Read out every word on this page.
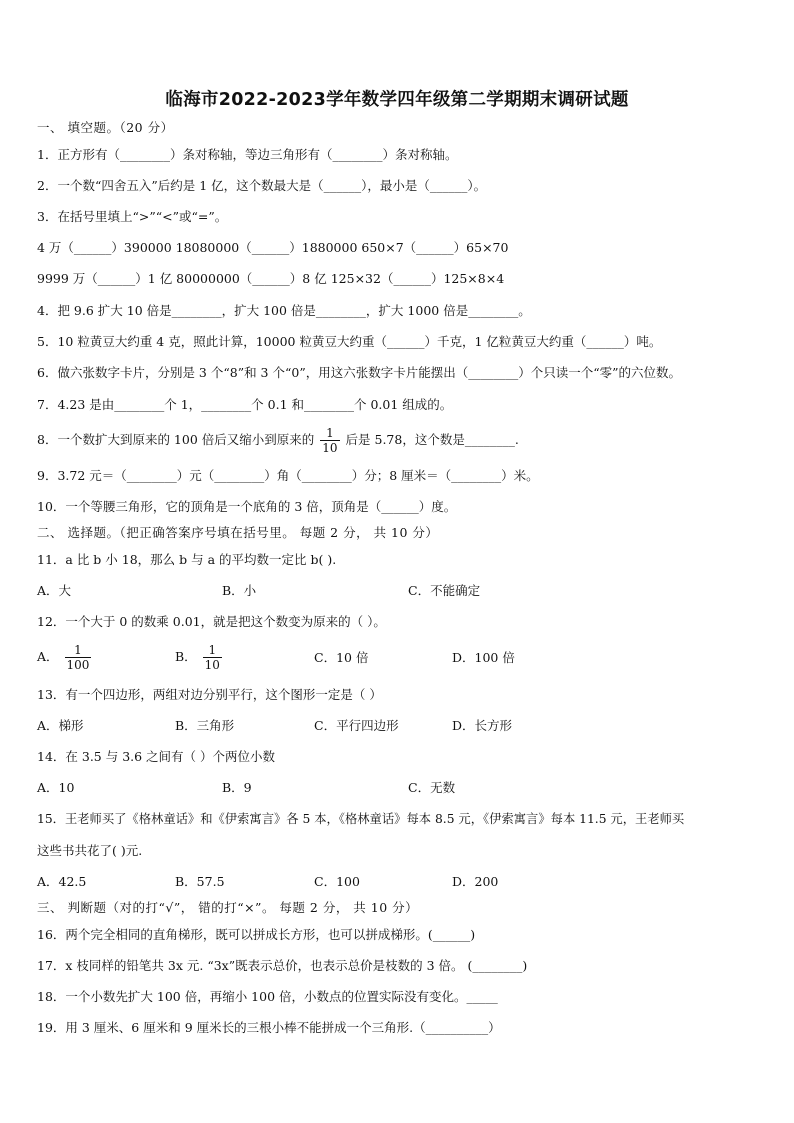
临海市2022-2023学年数学四年级第二学期期末调研试题
一、 填空题。（20 分）
1．正方形有（________）条对称轴，等边三角形有（________）条对称轴。
2．一个数“四舍五入”后约是 1 亿，这个数最大是（______），最小是（______）。
3．在括号里填上“>”“<”或“=”。
4 万（______）390000 18080000（______）1880000 650×7（______）65×70
9999 万（______）1 亿 80000000（______）8 亿 125×32（______）125×8×4
4．把 9.6 扩大 10 倍是________，扩大 100 倍是________，扩大 1000 倍是________。
5．10 粒黄豆大约重 4 克，照此计算，10000 粒黄豆大约重（______）千克，1 亿粒黄豆大约重（______）吨。
6．做六张数字卡片，分别是 3 个“8”和 3 个“0”，用这六张数字卡片能摆出（________）个只读一个“零”的六位数。
7．4.23 是由________个 1，________个 0.1 和________个 0.01 组成的。
8．一个数扩大到原来的 100 倍后又缩小到原来的 $\frac{1}{10}$ 后是 5.78，这个数是________.
9．3.72 元＝（________）元（________）角（________）分；8 厘米＝（________）米。
10．一个等腰三角形，它的顶角是一个底角的 3 倍，顶角是（______）度。
二、 选择题。（把正确答案序号填在括号里。 每题 2 分， 共 10 分）
11．a 比 b 小 18，那么 b 与 a 的平均数一定比 b( ).
A．大	B．小	C．不能确定
12．一个大于 0 的数乘 0.01，就是把这个数变为原来的（ ）。
A． $\frac{1}{100}$	B． $\frac{1}{10}$	C．10 倍	D．100 倍
13．有一个四边形，两组对边分别平行，这个图形一定是（ ）
A．梯形	B．三角形	C．平行四边形	D．长方形
14．在 3.5 与 3.6 之间有（ ）个两位小数
A．10	B．9	C．无数
15．王老师买了《格林童话》和《伊索寓言》各 5 本，《格林童话》每本 8.5 元，《伊索寓言》每本 11.5 元，王老师买
这些书共花了( )元.
A．42.5	B．57.5	C．100	D．200
三、 判断题（对的打“√”， 错的打“×”。 每题 2 分， 共 10 分）
16．两个完全相同的直角梯形，既可以拼成长方形，也可以拼成梯形。(______)
17．x 枝同样的铅笔共 3x 元. “3x”既表示总价，也表示总价是枝数的 3 倍。 (________)
18．一个小数先扩大 100 倍，再缩小 100 倍，小数点的位置实际没有变化。_____
19．用 3 厘米、6 厘米和 9 厘米长的三根小棒不能拼成一个三角形.（__________）
